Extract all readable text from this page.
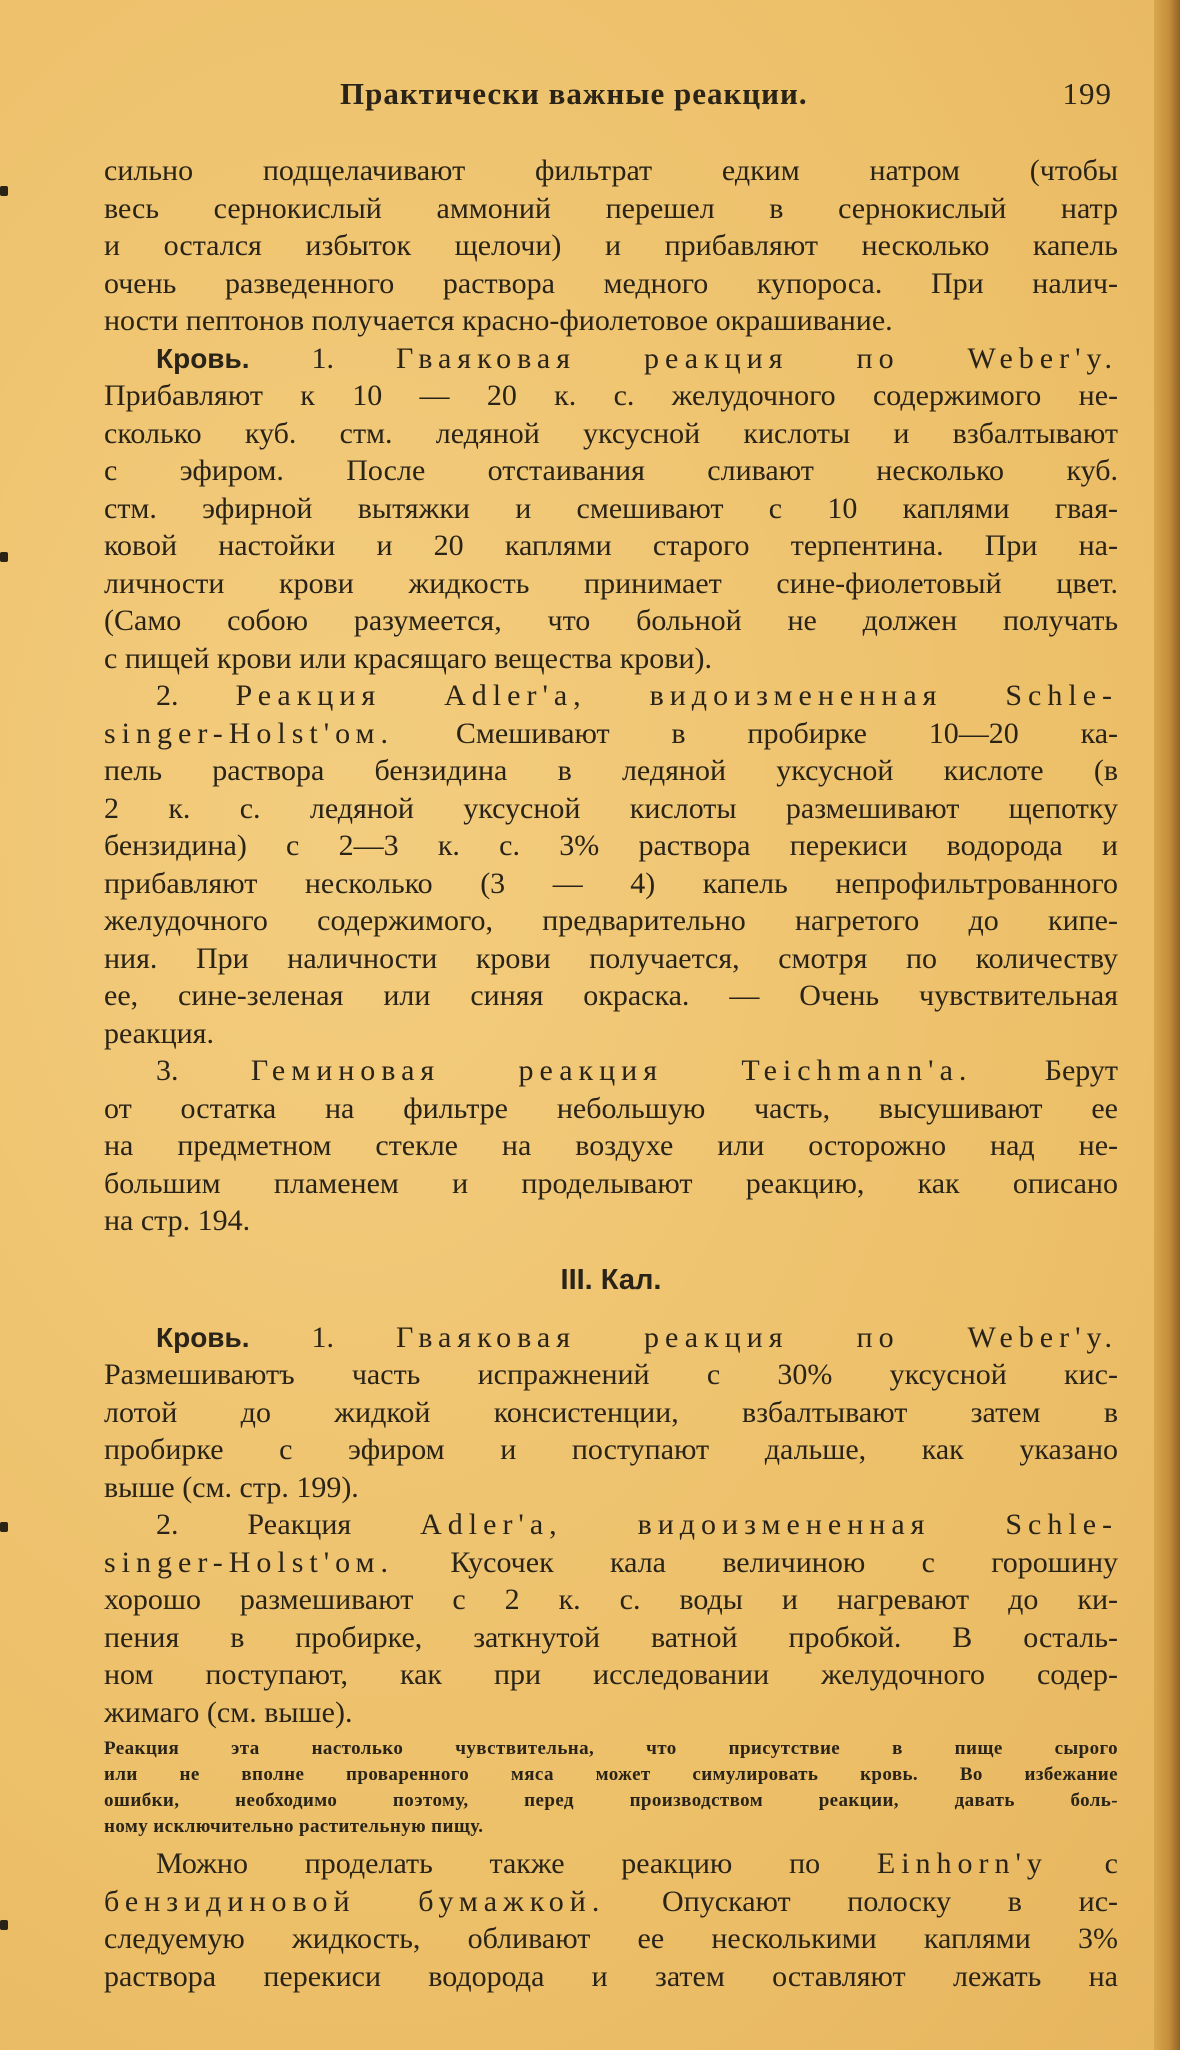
Практически важные реакции.	199

сильно подщелачивают фильтрат едким натром (чтобы

весь сернокислый аммоний перешел в сернокислый натр

и остался избыток щелочи) и прибавляют несколько капель

очень разведенного раствора медного купороса. При налич-

ности пептонов получается красно-фиолетовое окрашивание.

Кровь. 1. Гваяковая реакция по Weber'у.

Прибавляют к 10 — 20 к. с. желудочного содержимого не-

сколько куб. стм. ледяной уксусной кислоты и взбалтывают

с эфиром. После отстаивания сливают несколько куб.

стм. эфирной вытяжки и смешивают с 10 каплями гвая-

ковой настойки и 20 каплями старого терпентина. При на-

личности крови жидкость принимает сине-фиолетовый цвет.

(Само собою разумеется, что больной не должен получать

с пищей крови или красящаго вещества крови).

2. Реакция Adler'a, видоизмененная Schle-

singer-Holst'ом. Смешивают в пробирке 10—20 ка-

пель раствора бензидина в ледяной уксусной кислоте (в

2 к. с. ледяной уксусной кислоты размешивают щепотку

бензидина) с 2—3 к. с. 3% раствора перекиси водорода и

прибавляют несколько (3 — 4) капель непрофильтрованного

желудочного содержимого, предварительно нагретого до кипе-

ния. При наличности крови получается, смотря по количеству

ее, сине-зеленая или синяя окраска. — Очень чувствительная

реакция.

3. Геминовая реакция Teichmann'a. Берут

от остатка на фильтре небольшую часть, высушивают ее

на предметном стекле на воздухе или осторожно над не-

большим пламенем и проделывают реакцию, как описано

на стр. 194.

III. Кал.

Кровь. 1. Гваяковая реакция по Weber'у.

Размешиваютъ часть испражнений с 30% уксусной кис-

лотой до жидкой консистенции, взбалтывают затем в

пробирке с эфиром и поступают дальше, как указано

выше (см. стр. 199).

2. Реакция Adler'a, видоизмененная Schle-

singer-Holst'ом. Кусочек кала величиною с горошину

хорошо размешивают с 2 к. с. воды и нагревают до ки-

пения в пробирке, заткнутой ватной пробкой. В осталь-

ном поступают, как при исследовании желудочного содер-

жимаго (см. выше).

Реакция эта настолько чувствительна, что присутствие в пище сырого
или не вполне проваренного мяса может симулировать кровь. Во избежание
ошибки, необходимо поэтому, перед производством реакции, давать боль-
ному исключительно растительную пищу.

Можно проделать также реакцию по Einhorn'y с

бензидиновой бумажкой. Опускают полоску в ис-

следуемую жидкость, обливают ее несколькими каплями 3%

раствора перекиси водорода и затем оставляют лежать на
